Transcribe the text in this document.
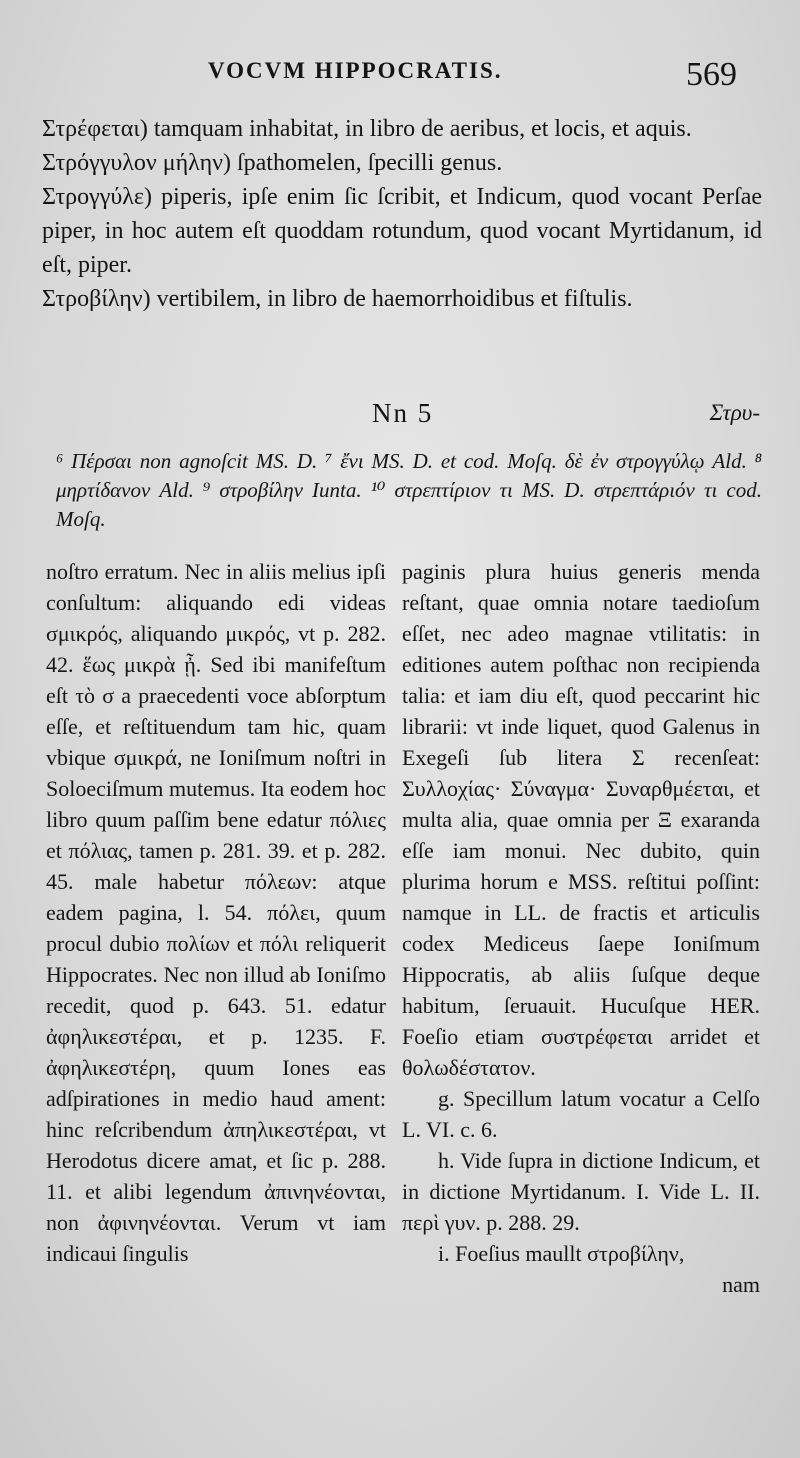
VOCVM HIPPOCRATIS.	569
Στρέφεται) tamquam inhabitat, in libro de aeribus, et locis, et aquis.
Στρόγγυλον μήλην) ſpathomelen, ſpecilli genus.
Στρογγύλε) piperis, ipſe enim ſic ſcribit, et Indicum, quod vocant Perſae piper, in hoc autem eſt quoddam rotundum, quod vocant Myrtidanum, id eſt, piper.
Στροβίλην) vertibilem, in libro de haemorrhoidibus et fiſtulis.
Nn 5	Στρυ-
⁶ Πέρσαι non agnoſcit MS. D. ⁷ ἔνι MS. D. et cod. Moſq. δὲ ἐν στρογγύλῳ Ald. ⁸ μηρτίδανον Ald. ⁹ στροβίλην Iunta. ¹⁰ στρεπτίριον τι MS. D. στρεπτάριόν τι cod. Moſq.

noſtro erratum. Nec in aliis melius ipſi conſultum: aliquando edi videas σμικρός, aliquando μικρός, vt p. 282. 42. ἕως μικρὰ ᾖ. Sed ibi manifeſtum eſt τὸ σ a praecedenti voce abſorptum eſſe, et reſtituendum tam hic, quam vbique σμικρά, ne Ioniſmum noſtri in Soloeciſmum mutemus. Ita eodem hoc libro quum paſſim bene edatur πόλιες et πόλιας, tamen p. 281. 39. et p. 282. 45. male habetur πόλεων: atque eadem pagina, l. 54. πόλει, quum procul dubio πολίων et πόλι reliquerit Hippocrates. Nec non illud ab Ioniſmo recedit, quod p. 643. 51. edatur ἀφηλικεστέραι, et p. 1235. F. ἀφηλικεστέρη, quum Iones eas adſpirationes in medio haud ament: hinc reſcribendum ἀπηλικεστέραι, vt Herodotus dicere amat, et ſic p. 288. 11. et alibi legendum ἀπινηνέονται, non ἀφινηνέονται. Verum vt iam indicaui ſingulis

paginis plura huius generis menda reſtant, quae omnia notare taedioſum eſſet, nec adeo magnae vtilitatis: in editiones autem poſthac non recipienda talia: et iam diu eſt, quod peccarint hic librarii: vt inde liquet, quod Galenus in Exegeſi ſub litera Σ recenſeat: Συλλοχίας· Σύναγμα· Συναρθμέεται, et multa alia, quae omnia per Ξ exaranda eſſe iam monui. Nec dubito, quin plurima horum e MSS. reſtitui poſſint: namque in LL. de fractis et articulis codex Mediceus ſaepe Ioniſmum Hippocratis, ab aliis ſuſque deque habitum, ſeruauit. Hucuſque HER. Foeſio etiam συστρέφεται arridet et θολωδέστατον.

g. Specillum latum vocatur a Celſo L. VI. c. 6.

h. Vide ſupra in dictione Indicum, et in dictione Myrtidanum. I. Vide L. II. περὶ γυν. p. 288. 29.

i. Foeſius maullt στροβίλην,

nam
